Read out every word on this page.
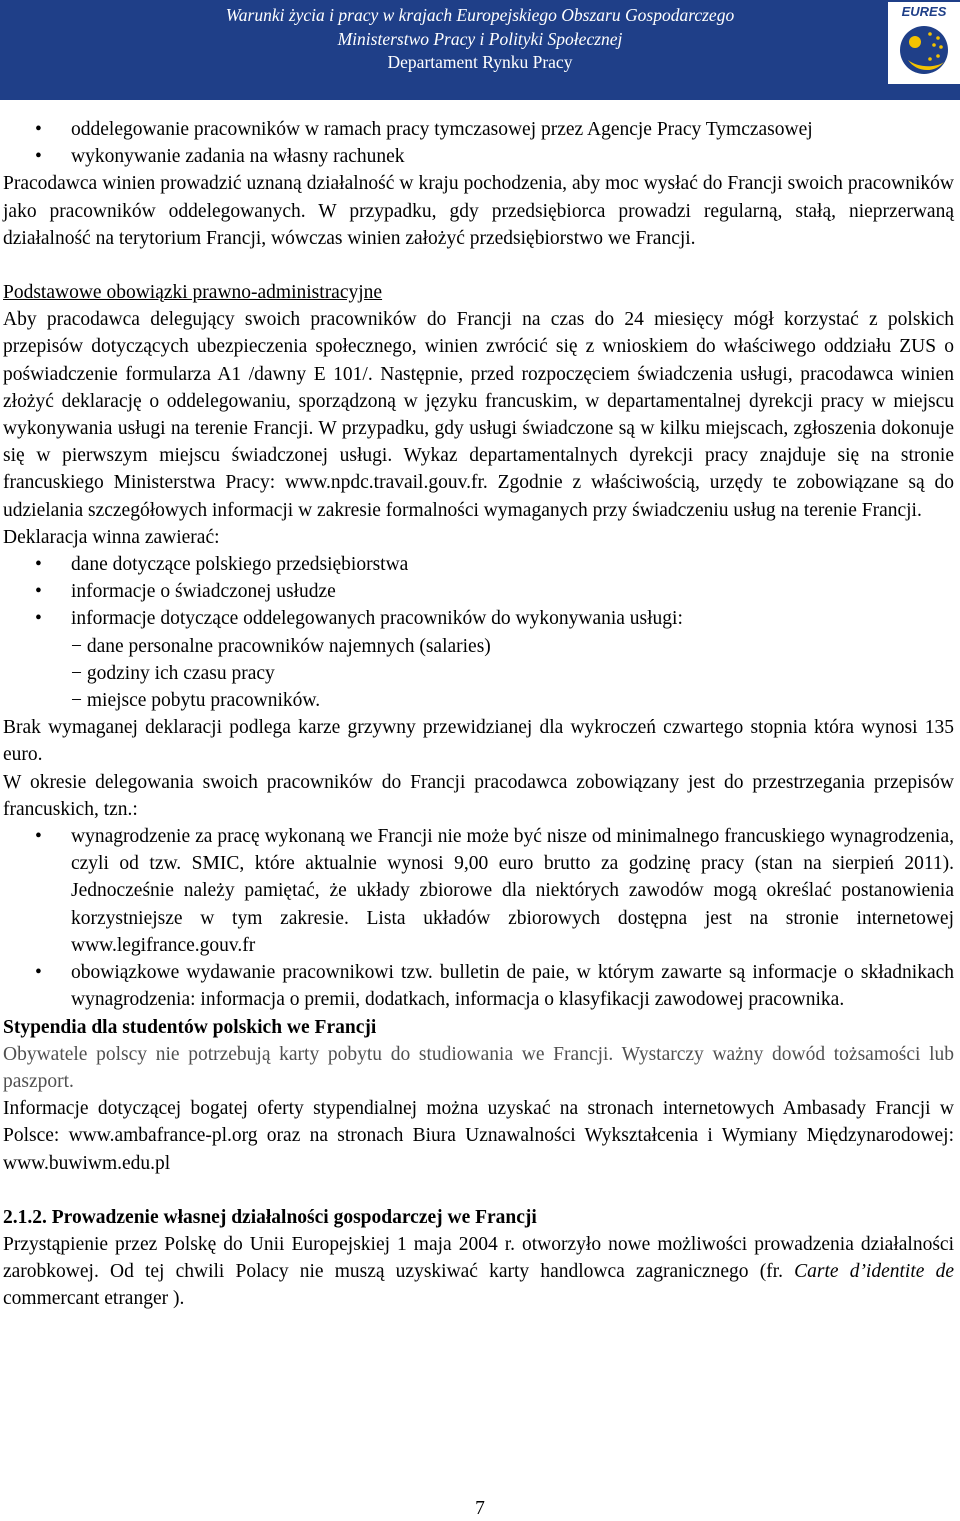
Warunki życia i pracy w krajach Europejskiego Obszaru Gospodarczego
Ministerstwo Pracy i Polityki Społecznej
Departament Rynku Pracy
EURES
• oddelegowanie pracowników w ramach pracy tymczasowej przez Agencje Pracy Tymczasowej
• wykonywanie zadania na własny rachunek

Pracodawca winien prowadzić uznaną działalność w kraju pochodzenia, aby moc wysłać do Francji swoich pracowników jako pracowników oddelegowanych. W przypadku, gdy przedsiębiorca prowadzi regularną, stałą, nieprzerwaną działalność na terytorium Francji, wówczas winien założyć przedsiębiorstwo we Francji.

Podstawowe obowiązki prawno-administracyjne

Aby pracodawca delegujący swoich pracowników do Francji na czas do 24 miesięcy mógł korzystać z polskich przepisów dotyczących ubezpieczenia społecznego, winien zwrócić się z wnioskiem do właściwego oddziału ZUS o poświadczenie formularza A1 /dawny E 101/. Następnie, przed rozpoczęciem świadczenia usługi, pracodawca winien złożyć deklarację o oddelegowaniu, sporządzoną w języku francuskim, w departamentalnej dyrekcji pracy w miejscu wykonywania usługi na terenie Francji. W przypadku, gdy usługi świadczone są w kilku miejscach, zgłoszenia dokonuje się w pierwszym miejscu świadczonej usługi. Wykaz departamentalnych dyrekcji pracy znajduje się na stronie francuskiego Ministerstwa Pracy: www.npdc.travail.gouv.fr. Zgodnie z właściwością, urzędy te zobowiązane są do udzielania szczegółowych informacji w zakresie formalności wymaganych przy świadczeniu usług na terenie Francji.

Deklaracja winna zawierać:

• dane dotyczące polskiego przedsiębiorstwa
• informacje o świadczonej usłudze
• informacje dotyczące oddelegowanych pracowników do wykonywania usługi:

− dane personalne pracowników najemnych (salaries)

− godziny ich czasu pracy

− miejsce pobytu pracowników.

Brak wymaganej deklaracji podlega karze grzywny przewidzianej dla wykroczeń czwartego stopnia która wynosi 135 euro.

W okresie delegowania swoich pracowników do Francji pracodawca zobowiązany jest do przestrzegania przepisów francuskich, tzn.:

• wynagrodzenie za pracę wykonaną we Francji nie może być nisze od minimalnego francuskiego wynagrodzenia, czyli od tzw. SMIC, które aktualnie wynosi 9,00 euro brutto za godzinę pracy (stan na sierpień 2011). Jednocześnie należy pamiętać, że układy zbiorowe dla niektórych zawodów mogą określać postanowienia korzystniejsze w tym zakresie. Lista układów zbiorowych dostępna jest na stronie internetowej www.legifrance.gouv.fr
• obowiązkowe wydawanie pracownikowi tzw. bulletin de paie, w którym zawarte są informacje o składnikach wynagrodzenia: informacja o premii, dodatkach, informacja o klasyfikacji zawodowej pracownika.

Stypendia dla studentów polskich we Francji

Obywatele polscy nie potrzebują karty pobytu do studiowania we Francji. Wystarczy ważny dowód tożsamości lub paszport.

Informacje dotyczącej bogatej oferty stypendialnej można uzyskać na stronach internetowych Ambasady Francji w Polsce: www.ambafrance-pl.org oraz na stronach Biura Uznawalności Wykształcenia i Wymiany Międzynarodowej: www.buwiwm.edu.pl

2.1.2. Prowadzenie własnej działalności gospodarczej we Francji

Przystąpienie przez Polskę do Unii Europejskiej 1 maja 2004 r. otworzyło nowe możliwości prowadzenia działalności zarobkowej. Od tej chwili Polacy nie muszą uzyskiwać karty handlowca zagranicznego (fr. Carte d’identite de commercant etranger ).

7
